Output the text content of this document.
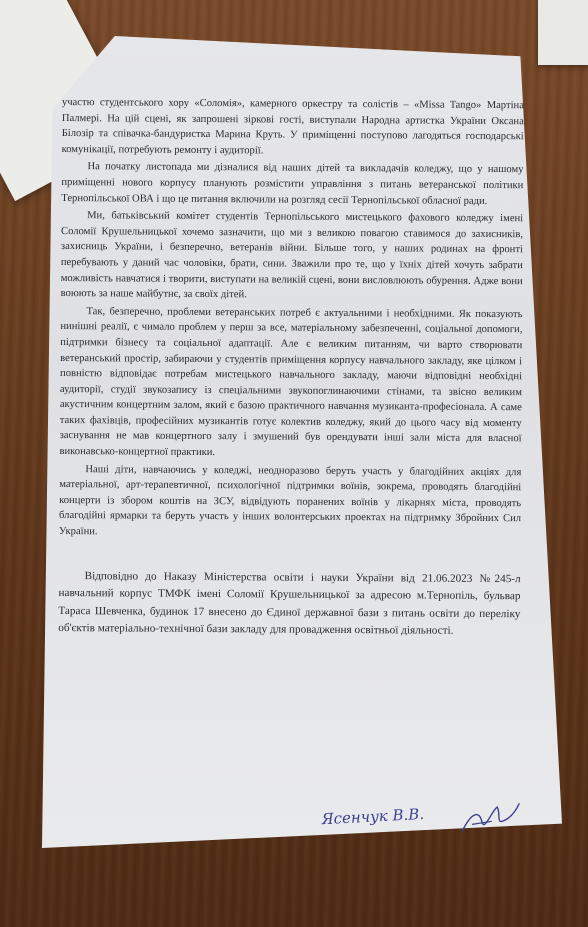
участю студентського хору «Соломія», камерного оркестру та солістів – «Missa Tango» Мартіна Палмері. На цій сцені, як запрошені зіркові гості, виступали Народна артистка України Оксана Білозір та співачка-бандуристка Марина Круть. У приміщенні поступово лагодяться господарські комунікації, потребують ремонту і аудиторії.

На початку листопада ми дізналися від наших дітей та викладачів коледжу, що у нашому приміщенні нового корпусу планують розмістити управління з питань ветеранської політики Тернопільської ОВА і що це питання включили на розгляд сесії Тернопільської обласної ради.

Ми, батьківський комітет студентів Тернопільського мистецького фахового коледжу імені Соломії Крушельницької хочемо зазначити, що ми з великою повагою ставимося до захисників, захисниць України, і безперечно, ветеранів війни. Більше того, у наших родинах на фронті перебувають у даний час чоловіки, брати, сини. Зважили про те, що у їхніх дітей хочуть забрати можливість навчатися і творити, виступати на великій сцені, вони висловлюють обурення. Адже вони воюють за наше майбутнє, за своїх дітей.

Так, безперечно, проблеми ветеранських потреб є актуальними і необхідними. Як показують нинішні реалії, є чимало проблем у перш за все, матеріальному забезпеченні, соціальної допомоги, підтримки бізнесу та соціальної адаптації. Але є великим питанням, чи варто створювати ветеранський простір, забираючи у студентів приміщення корпусу навчального закладу, яке цілком і повністю відповідає потребам мистецького навчального закладу, маючи відповідні необхідні аудиторії, студії звукозапису із спеціальними звукопоглинаючими стінами, та звісно великим акустичним концертним залом, який є базою практичного навчання музиканта-професіонала. А саме таких фахівців, професійних музикантів готує колектив коледжу, який до цього часу від моменту заснування не мав концертного залу і змушений був орендувати інші зали міста для власної виконавсько-концертної практики.

Наші діти, навчаючись у коледжі, неодноразово беруть участь у благодійних акціях для матеріальної, арт-терапевтичної, психологічної підтримки воїнів, зокрема, проводять благодійні концерти із збором коштів на ЗСУ, відвідують поранених воїнів у лікарнях міста, проводять благодійні ярмарки та беруть участь у інших волонтерських проектах на підтримку Збройних Сил України.

Відповідно до Наказу Міністерства освіти і науки України від 21.06.2023 №245-л навчальний корпус ТМФК імені Соломії Крушельницької за адресою м.Тернопіль, бульвар Тараса Шевченка, будинок 17 внесено до Єдиної державної бази з питань освіти до переліку об'єктів матеріально-технічної бази закладу для провадження освітньої діяльності.

Ясенчук В.В.
